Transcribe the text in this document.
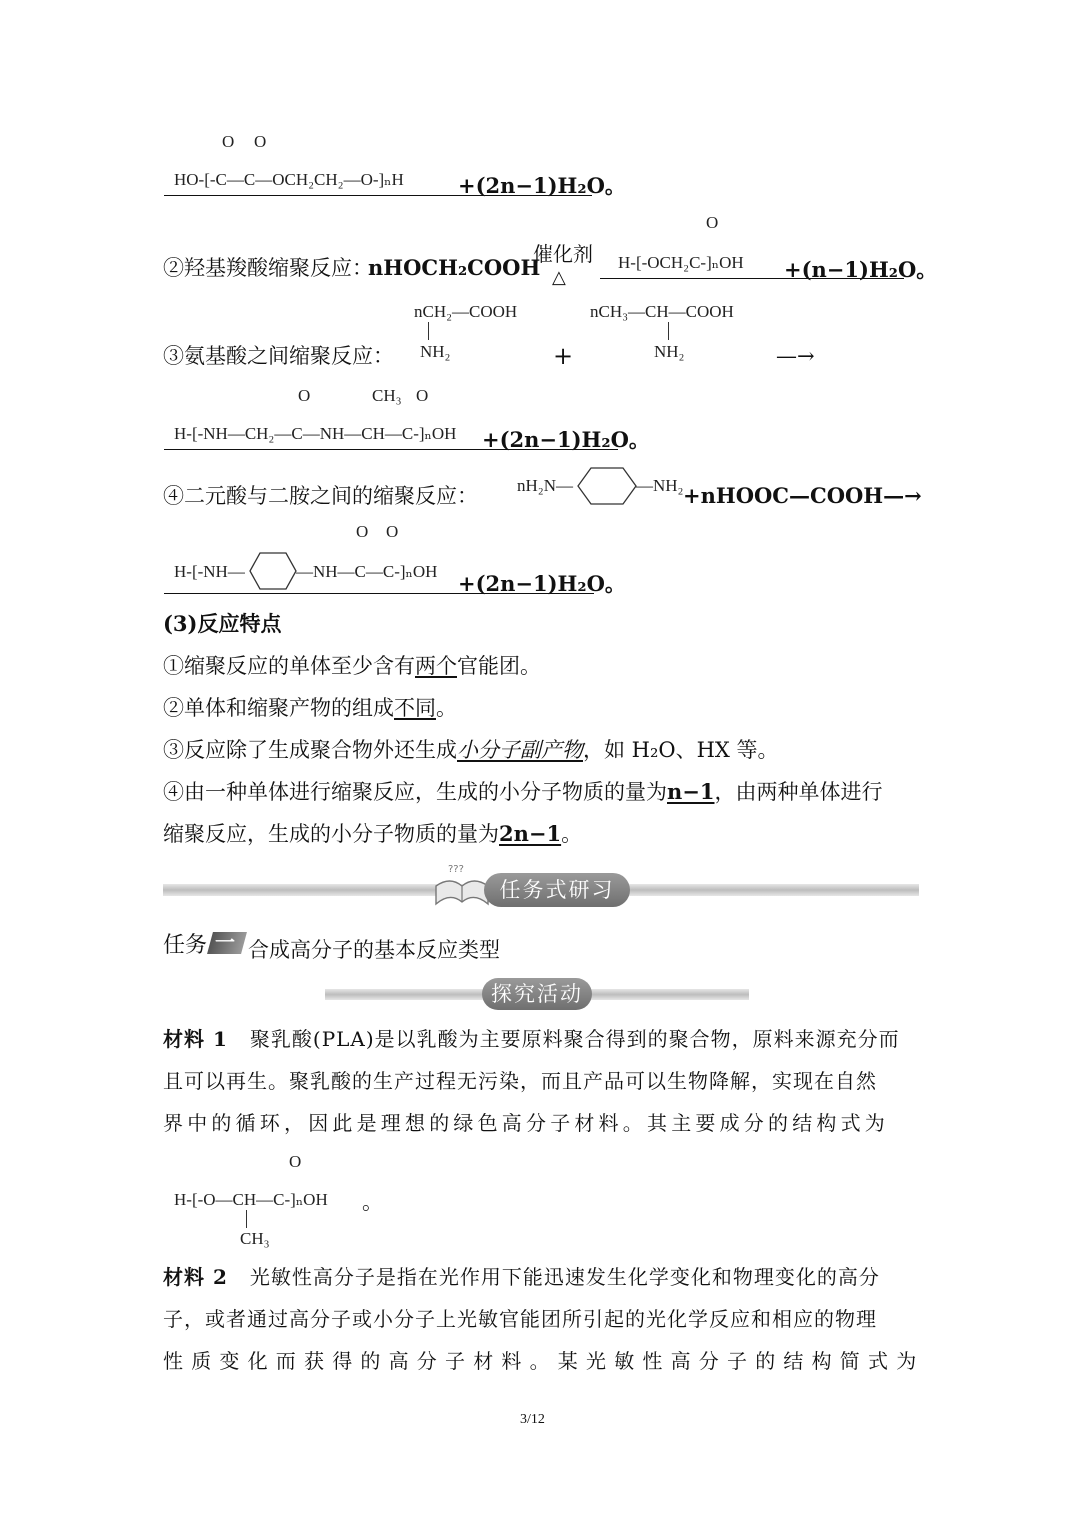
O O
HO-[-C—C—OCH₂CH₂—O-]ₙH	+(2n−1)H₂O。
②羟基羧酸缩聚反应：
nHOCH₂COOH
催化剂
△
O
H-[-OCH₂C-]ₙOH +(n−1)H₂O。
nCH₂—COOH
NH₂
nCH₃—CH—COOH
NH₂
③氨基酸之间缩聚反应：	+	—→
O	CH₃ O
H-[-NH—CH₂—C—NH—CH—C-]ₙOH +(2n−1)H₂O。
④二元酸与二胺之间的缩聚反应： nH₂N—	—NH₂ +nHOOC—COOH—→
O O
H-[-NH—	—NH—C—C-]ₙOH +(2n−1)H₂O。
(3)反应特点
①缩聚反应的单体至少含有两个官能团。
②单体和缩聚产物的组成不同。
③反应除了生成聚合物外还生成小分子副产物，如 H₂O、HX 等。
④由一种单体进行缩聚反应，生成的小分子物质的量为n−1，由两种单体进行
缩聚反应，生成的小分子物质的量为2n−1。
???
任务式研习
任务 一 合成高分子的基本反应类型
探究活动
材料 1 聚乳酸(PLA)是以乳酸为主要原料聚合得到的聚合物，原料来源充分而
且可以再生。聚乳酸的生产过程无污染，而且产品可以生物降解，实现在自然
界中的循环，因此是理想的绿色高分子材料。其主要成分的结构式为
O
H-[-O—CH—C-]ₙOH
CH₃
。
材料 2 光敏性高分子是指在光作用下能迅速发生化学变化和物理变化的高分
子，或者通过高分子或小分子上光敏官能团所引起的光化学反应和相应的物理
性质变化而获得的高分子材料。某光敏性高分子的结构简式为
3/12
